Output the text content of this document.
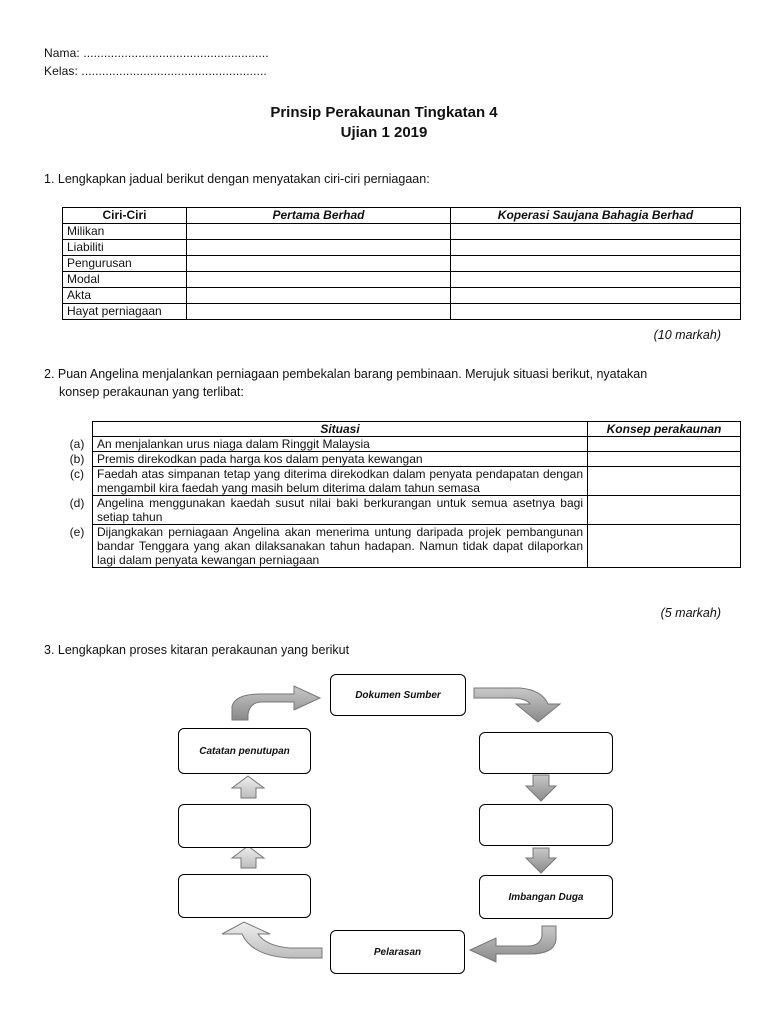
Nama: ......................................................
Kelas: ......................................................
Prinsip Perakaunan Tingkatan 4
Ujian 1 2019
1. Lengkapkan jadual berikut dengan menyatakan ciri-ciri perniagaan:
Ciri-Ciri	Pertama Berhad	Koperasi Saujana Bahagia Berhad
Milikan		
Liabiliti		
Pengurusan		
Modal		
Akta		
Hayat perniagaan		
(10 markah)
2. Puan Angelina menjalankan perniagaan pembekalan barang pembinaan. Merujuk situasi berikut, nyatakan
konsep perakaunan yang terlibat:
	Situasi	Konsep perakaunan
(a)	An menjalankan urus niaga dalam Ringgit Malaysia	
(b)	Premis direkodkan pada harga kos dalam penyata kewangan	
(c)	Faedah atas simpanan tetap yang diterima direkodkan dalam penyata pendapatan dengan mengambil kira faedah yang masih belum diterima dalam tahun semasa	
(d)	Angelina menggunakan kaedah susut nilai baki berkurangan untuk semua asetnya bagi setiap tahun	
(e)	Dijangkakan perniagaan Angelina akan menerima untung daripada projek pembangunan bandar Tenggara yang akan dilaksanakan tahun hadapan. Namun tidak dapat dilaporkan lagi dalam penyata kewangan perniagaan	
(5 markah)
3. Lengkapkan proses kitaran perakaunan yang berikut
Dokumen Sumber
Imbangan Duga
Pelarasan
Catatan penutupan
